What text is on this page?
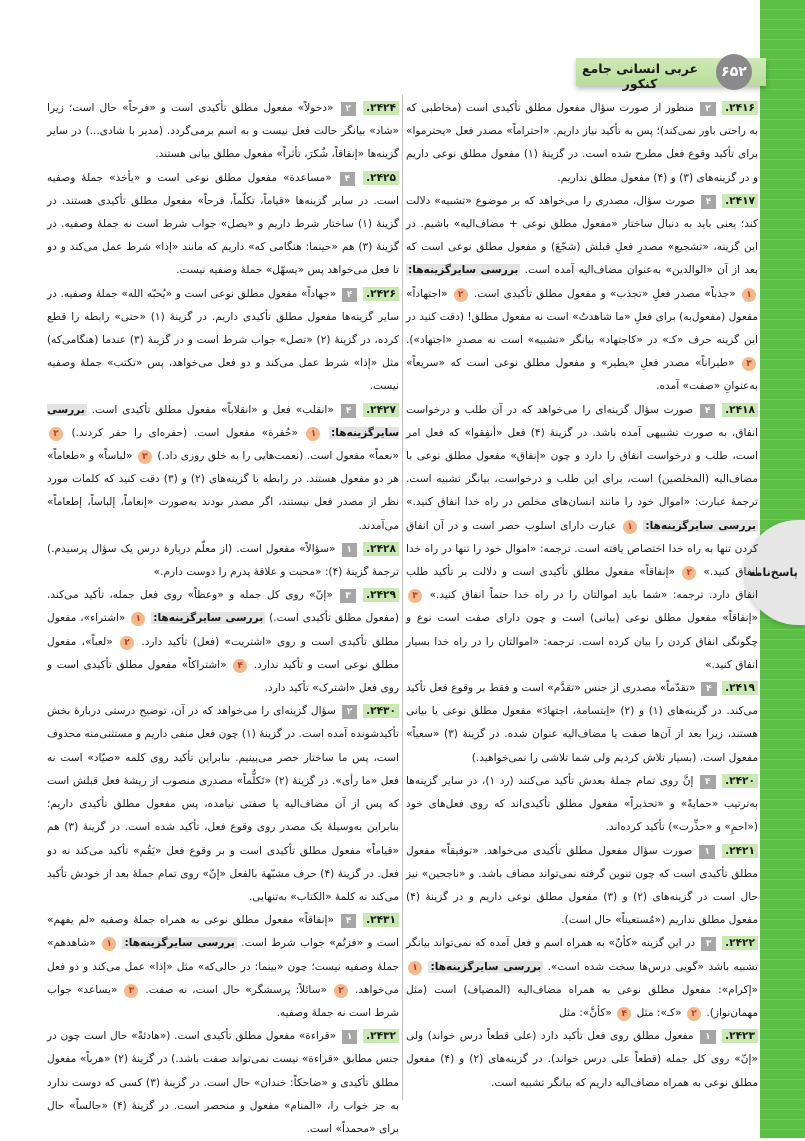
پاسخ‌نامه
عربی انسانی جامع کنکور
۶۵۲

۲۴۱۶. ۲ منظور از صورت سؤال مفعول مطلق تأکیدی است (مخاطبی که به راحتی باور نمی‌کند)؛ پس به تأکید نیاز داریم. «احتراماً» مصدر فعل «یحترموا» برای تأکید وقوع فعل مطرح شده است. در گزینهٔ (۱) مفعول مطلق نوعی داریم و در گزینه‌های (۳) و (۴) مفعول مطلق نداریم.

۲۴۱۷. ۴ صورت سؤال، مصدری را می‌خواهد که بر موضوع «تشبیه» دلالت کند؛ یعنی باید به دنبال ساختار «مفعول مطلق نوعی + مضاف‌الیه» باشیم. در این گزینه، «تشجیع» مصدرِ فعلِ قبلش (شجّعَ) و مفعول مطلق نوعی است که بعد از آن «الوالدین» به‌عنوان مضاف‌الیه آمده است. بررسی سایرگزینه‌ها: ۱ «جذباً» مصدر فعلِ «تجذب» و مفعول مطلق تأکیدی است. ۲ «اجتهاداً» مفعول (مفعول‌به) برای فعلِ «ما شاهدتُ» است نه مفعول مطلق! (دقت کنید در این گزینه حرف «کـ» در «کاجتهاد» بیانگر «تشبیه» است نه مصدرِ «اجتهاد»). ۳ «طیراناً» مصدر فعلِ «یطیر» و مفعول مطلق نوعی است که «سریعاً» به‌عنوانِ «صفت» آمده.

۲۴۱۸. ۴ صورت سؤال گزینه‌ای را می‌خواهد که در آن طلب و درخواست انفاق، به صورت تشبیهی آمده باشد. در گزینهٔ (۴) فعل «أنفِقوا» که فعل امر است، طلب و درخواست انفاق را دارد و چون «إنفاق» مفعول مطلق نوعی با مضاف‌الیه (المخلصین) است، برای این طلب و درخواست، بیانگر تشبیه است. ترجمهٔ عبارت: «اموال خود را مانند انسان‌های مخلص در راه خدا انفاق کنید.» بررسی سایرگزینه‌ها: ۱ عبارت دارای اسلوب حصر است و در آن انفاق کردن تنها به راه خدا اختصاص یافته است. ترجمه: «اموال خود را تنها در راه خدا انفاق کنید.» ۲ «إنفاقاً» مفعول مطلق تأکیدی است و دلالت بر تأکید طلب انفاق دارد. ترجمه: «شما باید اموالتان را در راه خدا حتماً انفاق کنید.» ۳ «إنفاقاً» مفعول مطلق نوعی (بیانی) است و چون دارای صفت است نوع و چگونگی انفاق کردن را بیان کرده است. ترجمه: «اموالتان را در راه خدا بسیار انفاق کنید.»

۲۴۱۹. ۴ «تقدّماً» مصدری از جنس «تقدَّم» است و فقط بر وقوع فعل تأکید می‌کند. در گزینه‌های (۱) و (۲) «اِبتسامة، اجتهادَ» مفعول مطلق نوعی یا بیانی هستند، زیرا بعد از آن‌ها صفت یا مضاف‌الیه عنوان شده. در گزینهٔ (۳) «سعیاً» مفعول است. (بسیار تلاش کردیم ولی شما تلاشی را نمی‌خواهید.)

۲۴۲۰. ۴ إنَّ روی تمام جملهٔ بعدش تأکید می‌کنند (رد ۱)، در سایر گزینه‌ها به‌ترتیب «حمایةً» و «تحذیراً» مفعول مطلق تأکیدی‌اند که روی فعل‌های خود («احمِ» و «حذِّرت») تأکید کرده‌اند.

۲۴۲۱. ۱ صورت سؤال مفعول مطلق تأکیدی می‌خواهد. «توفیقاً» مفعول مطلق تأکیدی است که چون تنوین گرفته نمی‌تواند مضاف باشد. و «ناجحین» نیز حال است در گزینه‌های (۲) و (۳) مفعول مطلق نوعی داریم و در گزینهٔ (۴) مفعول مطلق نداریم («مُستعیناً» حال است).

۲۴۲۲. ۳ در این گزینه «کأنّ» به همراه اسم و فعل آمده که نمی‌تواند بیانگر تشبیه باشد «گویی درس‌ها سخت شده است». بررسی سایرگزینه‌ها: ۱ «إکرام»: مفعول مطلق نوعی به همراه مضاف‌الیه (المضیاف) است (مثل مهمان‌نواز). ۲ «کـ»: مثل ۴ «کأنَّ»: مثل

۲۴۲۳. ۱ مفعول مطلق روی فعل تأکید دارد (علی قطعاً درس خواند) ولی «إنّ» روی کل جمله (قطعاً علی درس خواند). در گزینه‌های (۲) و (۴) مفعول مطلق نوعی به همراه مضاف‌الیه داریم که بیانگر تشبیه است.

۲۴۲۴. ۲ «دخولاً» مفعول مطلق تأکیدی است و «فرحاً» حال است؛ زیرا «شاد» بیانگر حالت فعل نیست و به اسم برمی‌گردد. (مدیر با شادی...) در سایر گزینه‌ها «إنفاقاً، شُکرَ، تأثراً» مفعول مطلق بیانی هستند.

۲۴۲۵. ۴ «مساعدة» مفعول مطلق نوعی است و «یأخذ» جملهٔ وصفیه است. در سایر گزینه‌ها «قیاماً، تکلّماً، فرحاً» مفعول مطلق تأکیدی هستند. در گزینهٔ (۱) ساختار شرط داریم و «یصل» جواب شرط است نه جملهٔ وصفیه. در گزینهٔ (۳) هم «حینما: هنگامی که» داریم که مانند «إذا» شرط عمل می‌کند و دو تا فعل می‌خواهد پس «یسهّل» جملهٔ وصفیه نیست.

۲۴۲۶. ۴ «جهاداً» مفعول مطلق نوعی است و «یُحبّه الله» جملهٔ وصفیه. در سایر گزینه‌ها مفعول مطلق تأکیدی داریم. در گزینهٔ (۱) «حتی» رابطه را قطع کرده، در گزینهٔ (۲) «تصل» جواب شرط است و در گزینهٔ (۳) عندما (هنگامی‌که) مثل «إذا» شرط عمل می‌کند و دو فعل می‌خواهد، پس «تکتب» جملهٔ وصفیه نیست.

۲۴۲۷. ۴ «انقلب» فعل و «انقلاباً» مفعول مطلق تأکیدی است. بررسی سایرگزینه‌ها: ۱ «حُفرة» مفعول است. (حفره‌ای را حفر کردند.) ۲ «نعماً» مفعول است. (نعمت‌هایی را به خلق روزی داد.) ۳ «لباساً» و «طعاماً» هر دو مفعول هستند. در رابطه با گزینه‌های (۲) و (۳) دقت کنید که کلمات مورد نظر از مصدر فعل نیستند، اگر مصدر بودند به‌صورت «إنعاماً، إلباساً، إطعاماً» می‌آمدند.

۲۴۲۸. ۱ «سؤالاً» مفعول است. (از معلّم دربارهٔ درس یک سؤال پرسیدم.) ترجمهٔ گزینهٔ (۴): «محبت و علاقهٔ پدرم را دوست دارم.»

۲۴۲۹. ۳ «إنّ» روی کل جمله و «وعظاً» روی فعل جمله، تأکید می‌کند. (مفعول مطلق تأکیدی است.) بررسی سایرگزینه‌ها: ۱ «اشتراء»، مفعول مطلق تأکیدی است و روی «اشتریت» (فعل) تأکید دارد. ۲ «لعباً»، مفعول مطلق نوعی است و تأکید ندارد. ۴ «اشتراکاً» مفعول مطلق تأکیدی است و روی فعل «اشترک» تأکید دارد.

۲۴۳۰. ۲ سؤال گزینه‌ای را می‌خواهد که در آن، توضیح درستی دربارهٔ بخش تأکیدشونده آمده است. در گزینهٔ (۱) چون فعل منفی داریم و مستثنی‌منه محذوف است، پس ما ساختار حصر می‌بینیم. بنابراین تأکید روی کلمه «صیّاد» است نه فعل «ما رأی». در گزینهٔ (۲) «تَکلُّماً» مصدری منصوب از ریشهٔ فعل قبلش است که پس از آن مضاف‌الیه یا صفتی نیامده، پس مفعول مطلق تأکیدی داریم؛ بنابراین به‌وسیلهٔ یک مصدر روی وقوع فعل، تأکید شده است. در گزینهٔ (۳) هم «قیاماً» مفعول مطلق تأکیدی است و بر وقوع فعل «یَقُم» تأکید می‌کند نه دو فعل. در گزینهٔ (۴) حرف مشبّهة بالفعل «إنّ» روی تمام جملهٔ بعد از خودش تأکید می‌کند نه کلمهٔ «الکتاب» به‌تنهایی.

۲۴۳۱. ۴ «إنفاقاً» مفعول مطلق نوعی به همراه جملهٔ وصفیه «لم یفهم» است و «فزتُم» جواب شرط است. بررسی سایرگزینه‌ها: ۱ «شاهدهم» جملهٔ وصفیه نیست؛ چون «بینما: در حالی‌که» مثل «إذا» عمل می‌کند و دو فعل می‌خواهد. ۲ «سائلاً: پرسشگر» حال است، نه صفت. ۳ «یساعد» جواب شرط است نه جملهٔ وصفیه.

۲۴۳۲. ۱ «قراءة» مفعول مطلق تأکیدی است. («هادئةً» حال است چون در جنس مطابق «قراءة» نیست نمی‌تواند صفت باشد.) در گزینهٔ (۲) «هرباً» مفعول مطلق تأکیدی و «ضاحکاً: خندان» حال است. در گزینهٔ (۳) کسی که دوست ندارد به جز خواب را، «المنام» مفعول و منحصر است. در گزینهٔ (۴) «جالساً» حال برای «محمداً» است.
